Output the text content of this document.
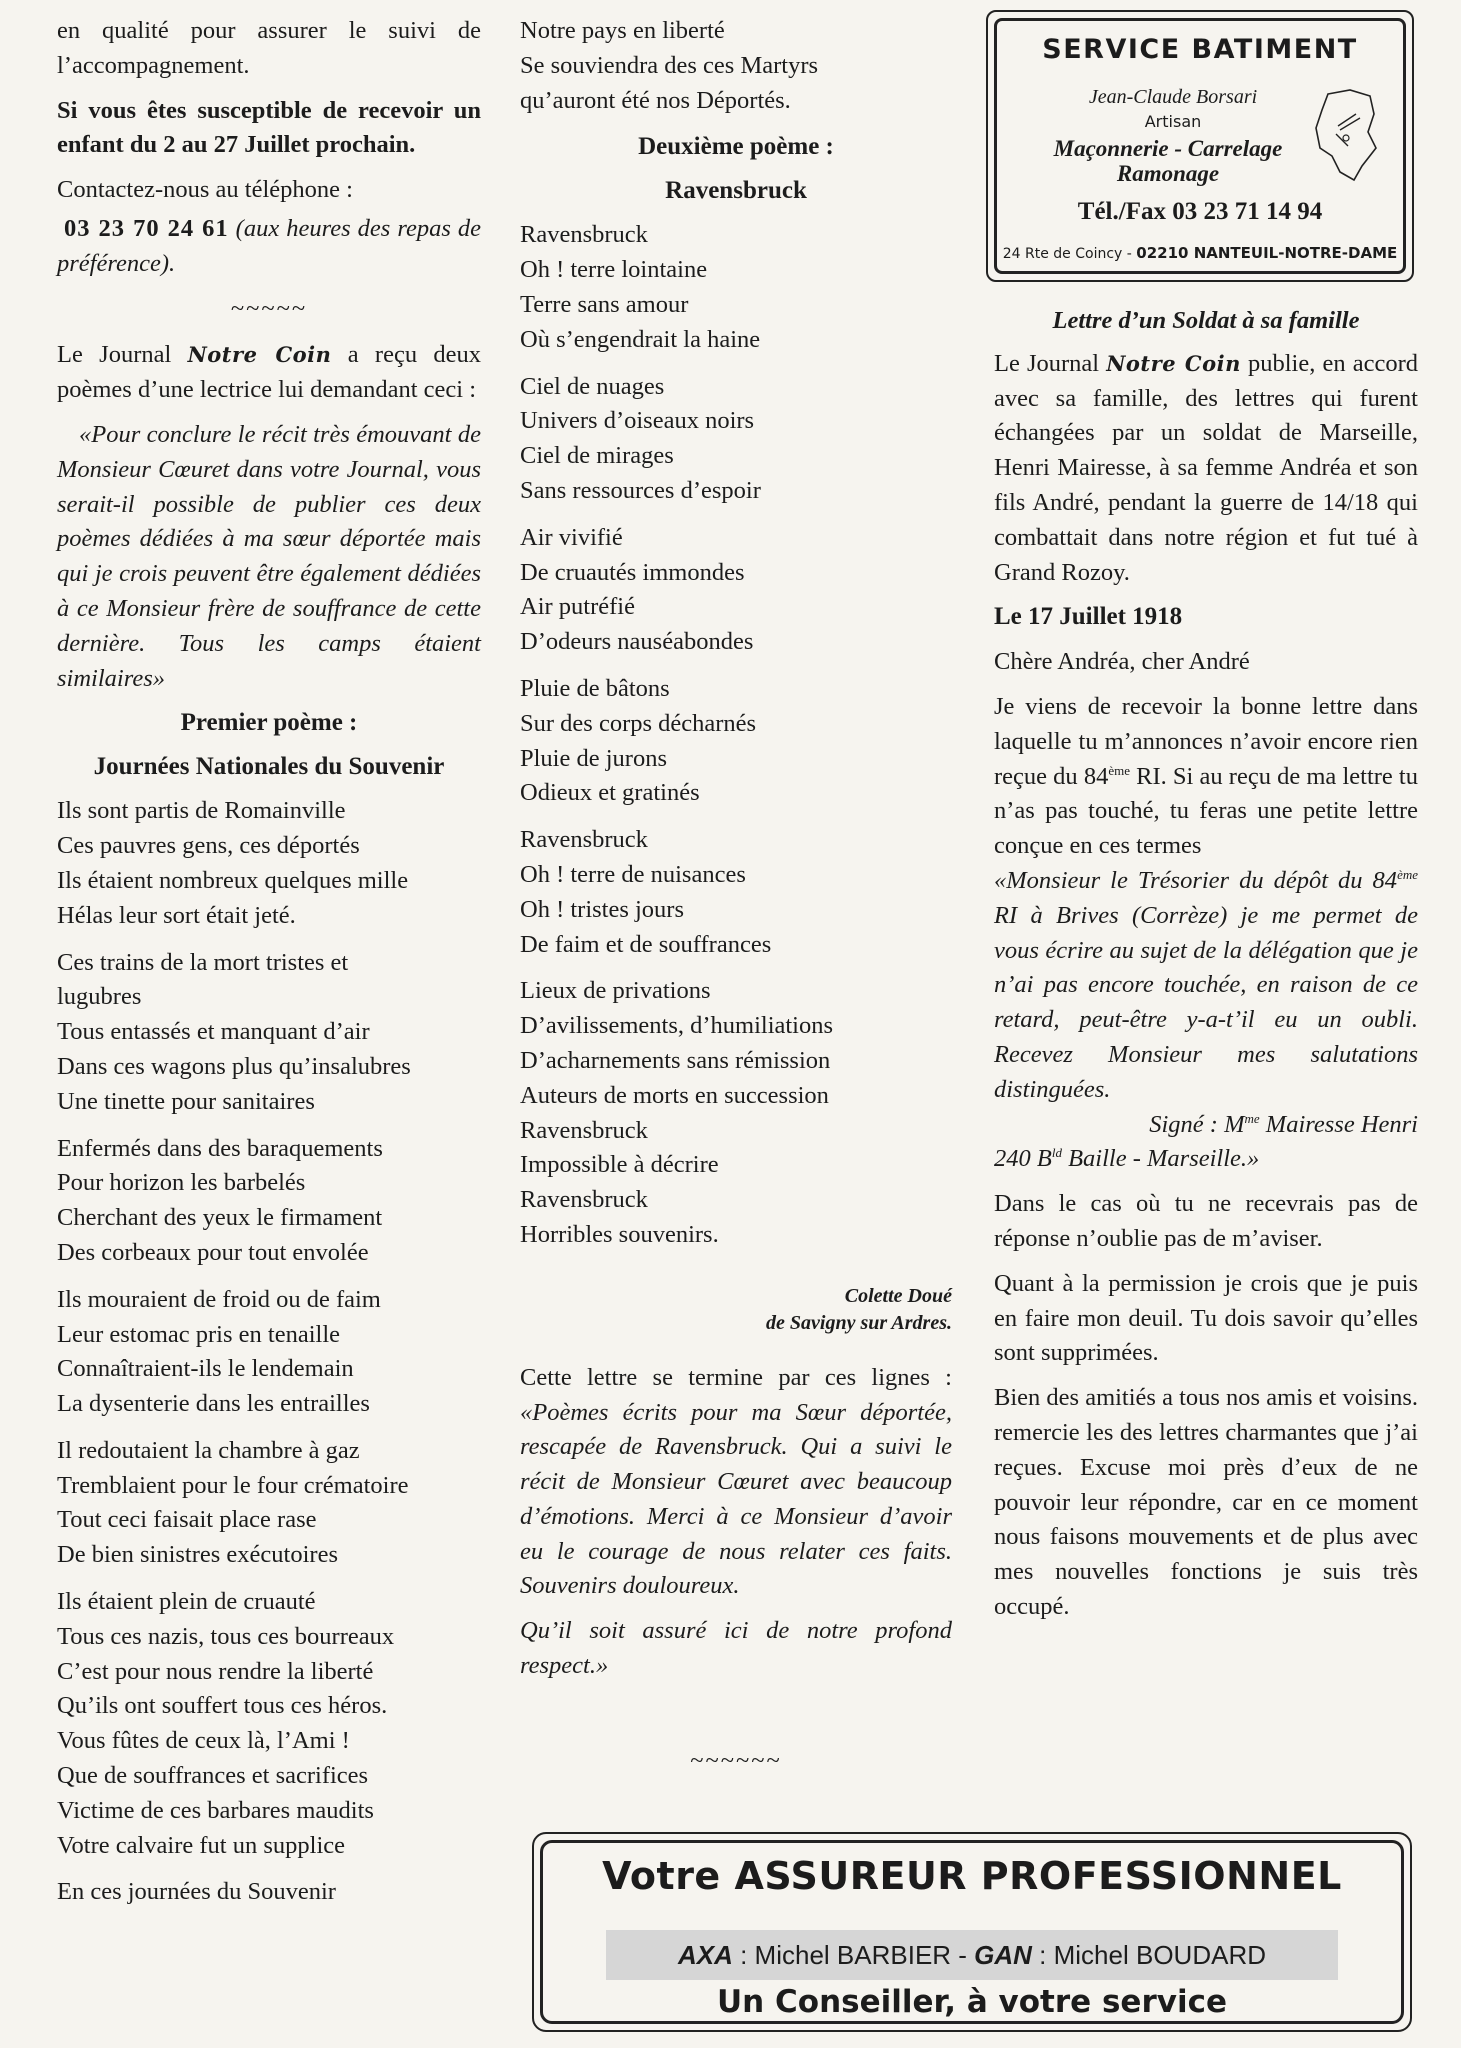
en qualité pour assurer le suivi de l’accompagnement.

Si vous êtes susceptible de recevoir un enfant du 2 au 27 Juillet prochain.

Contactez-nous au téléphone :

03 23 70 24 61 (aux heures des repas de préférence).

~~~~~

Le Journal Notre Coin a reçu deux poèmes d’une lectrice lui demandant ceci :

«Pour conclure le récit très émouvant de Monsieur Cœuret dans votre Journal, vous serait-il possible de publier ces deux poèmes dédiées à ma sœur déportée mais qui je crois peuvent être également dédiées à ce Monsieur frère de souffrance de cette dernière. Tous les camps étaient similaires»

Premier poème :
Journées Nationales du Souvenir
Ils sont partis de Romainville
Ces pauvres gens, ces déportés
Ils étaient nombreux quelques mille
Hélas leur sort était jeté.
Ces trains de la mort tristes et
lugubres
Tous entassés et manquant d’air
Dans ces wagons plus qu’insalubres
Une tinette pour sanitaires
Enfermés dans des baraquements
Pour horizon les barbelés
Cherchant des yeux le firmament
Des corbeaux pour tout envolée
Ils mouraient de froid ou de faim
Leur estomac pris en tenaille
Connaîtraient-ils le lendemain
La dysenterie dans les entrailles
Il redoutaient la chambre à gaz
Tremblaient pour le four crématoire
Tout ceci faisait place rase
De bien sinistres exécutoires
Ils étaient plein de cruauté
Tous ces nazis, tous ces bourreaux
C’est pour nous rendre la liberté
Qu’ils ont souffert tous ces héros.
Vous fûtes de ceux là, l’Ami !
Que de souffrances et sacrifices
Victime de ces barbares maudits
Votre calvaire fut un supplice
En ces journées du Souvenir
Notre pays en liberté
Se souviendra des ces Martyrs
qu’auront été nos Déportés.
Deuxième poème :
Ravensbruck
Ravensbruck
Oh ! terre lointaine
Terre sans amour
Où s’engendrait la haine
Ciel de nuages
Univers d’oiseaux noirs
Ciel de mirages
Sans ressources d’espoir
Air vivifié
De cruautés immondes
Air putréfié
D’odeurs nauséabondes
Pluie de bâtons
Sur des corps décharnés
Pluie de jurons
Odieux et gratinés
Ravensbruck
Oh ! terre de nuisances
Oh ! tristes jours
De faim et de souffrances
Lieux de privations
D’avilissements, d’humiliations
D’acharnements sans rémission
Auteurs de morts en succession
Ravensbruck
Impossible à décrire
Ravensbruck
Horribles souvenirs.
Colette Doué
de Savigny sur Ardres.

Cette lettre se termine par ces lignes : «Poèmes écrits pour ma Sœur déportée, rescapée de Ravensbruck. Qui a suivi le récit de Monsieur Cœuret avec beaucoup d’émotions. Merci à ce Monsieur d’avoir eu le courage de nous relater ces faits. Souvenirs douloureux.

Qu’il soit assuré ici de notre profond respect.»

~~~~~~
SERVICE BATIMENT
Jean-Claude Borsari
Artisan
Maçonnerie - Carrelage
Ramonage
Tél./Fax 03 23 71 14 94
24 Rte de Coincy - 02210 NANTEUIL-NOTRE-DAME

Lettre d’un Soldat à sa famille

Le Journal Notre Coin publie, en accord avec sa famille, des lettres qui furent échangées par un soldat de Marseille, Henri Mairesse, à sa femme Andréa et son fils André, pendant la guerre de 14/18 qui combattait dans notre région et fut tué à Grand Rozoy.

Le 17 Juillet 1918

Chère Andréa, cher André

Je viens de recevoir la bonne lettre dans laquelle tu m’annonces n’avoir encore rien reçue du 84ème RI. Si au reçu de ma lettre tu n’as pas touché, tu feras une petite lettre conçue en ces termes

«Monsieur le Trésorier du dépôt du 84ème RI à Brives (Corrèze) je me permet de vous écrire au sujet de la délégation que je n’ai pas encore touchée, en raison de ce retard, peut-être y-a-t’il eu un oubli. Recevez Monsieur mes salutations distinguées.

Signé : $M^{me}$ Mairesse Henri

240 $B^{ld}$ Baille - Marseille.»

Dans le cas où tu ne recevrais pas de réponse n’oublie pas de m’aviser.

Quant à la permission je crois que je puis en faire mon deuil. Tu dois savoir qu’elles sont supprimées.

Bien des amitiés a tous nos amis et voisins. remercie les des lettres charmantes que j’ai reçues. Excuse moi près d’eux de ne pouvoir leur répondre, car en ce moment nous faisons mouvements et de plus avec mes nouvelles fonctions je suis très occupé.

Votre ASSUREUR PROFESSIONNEL
AXA : Michel BARBIER - GAN : Michel BOUDARD
Un Conseiller, à votre service
